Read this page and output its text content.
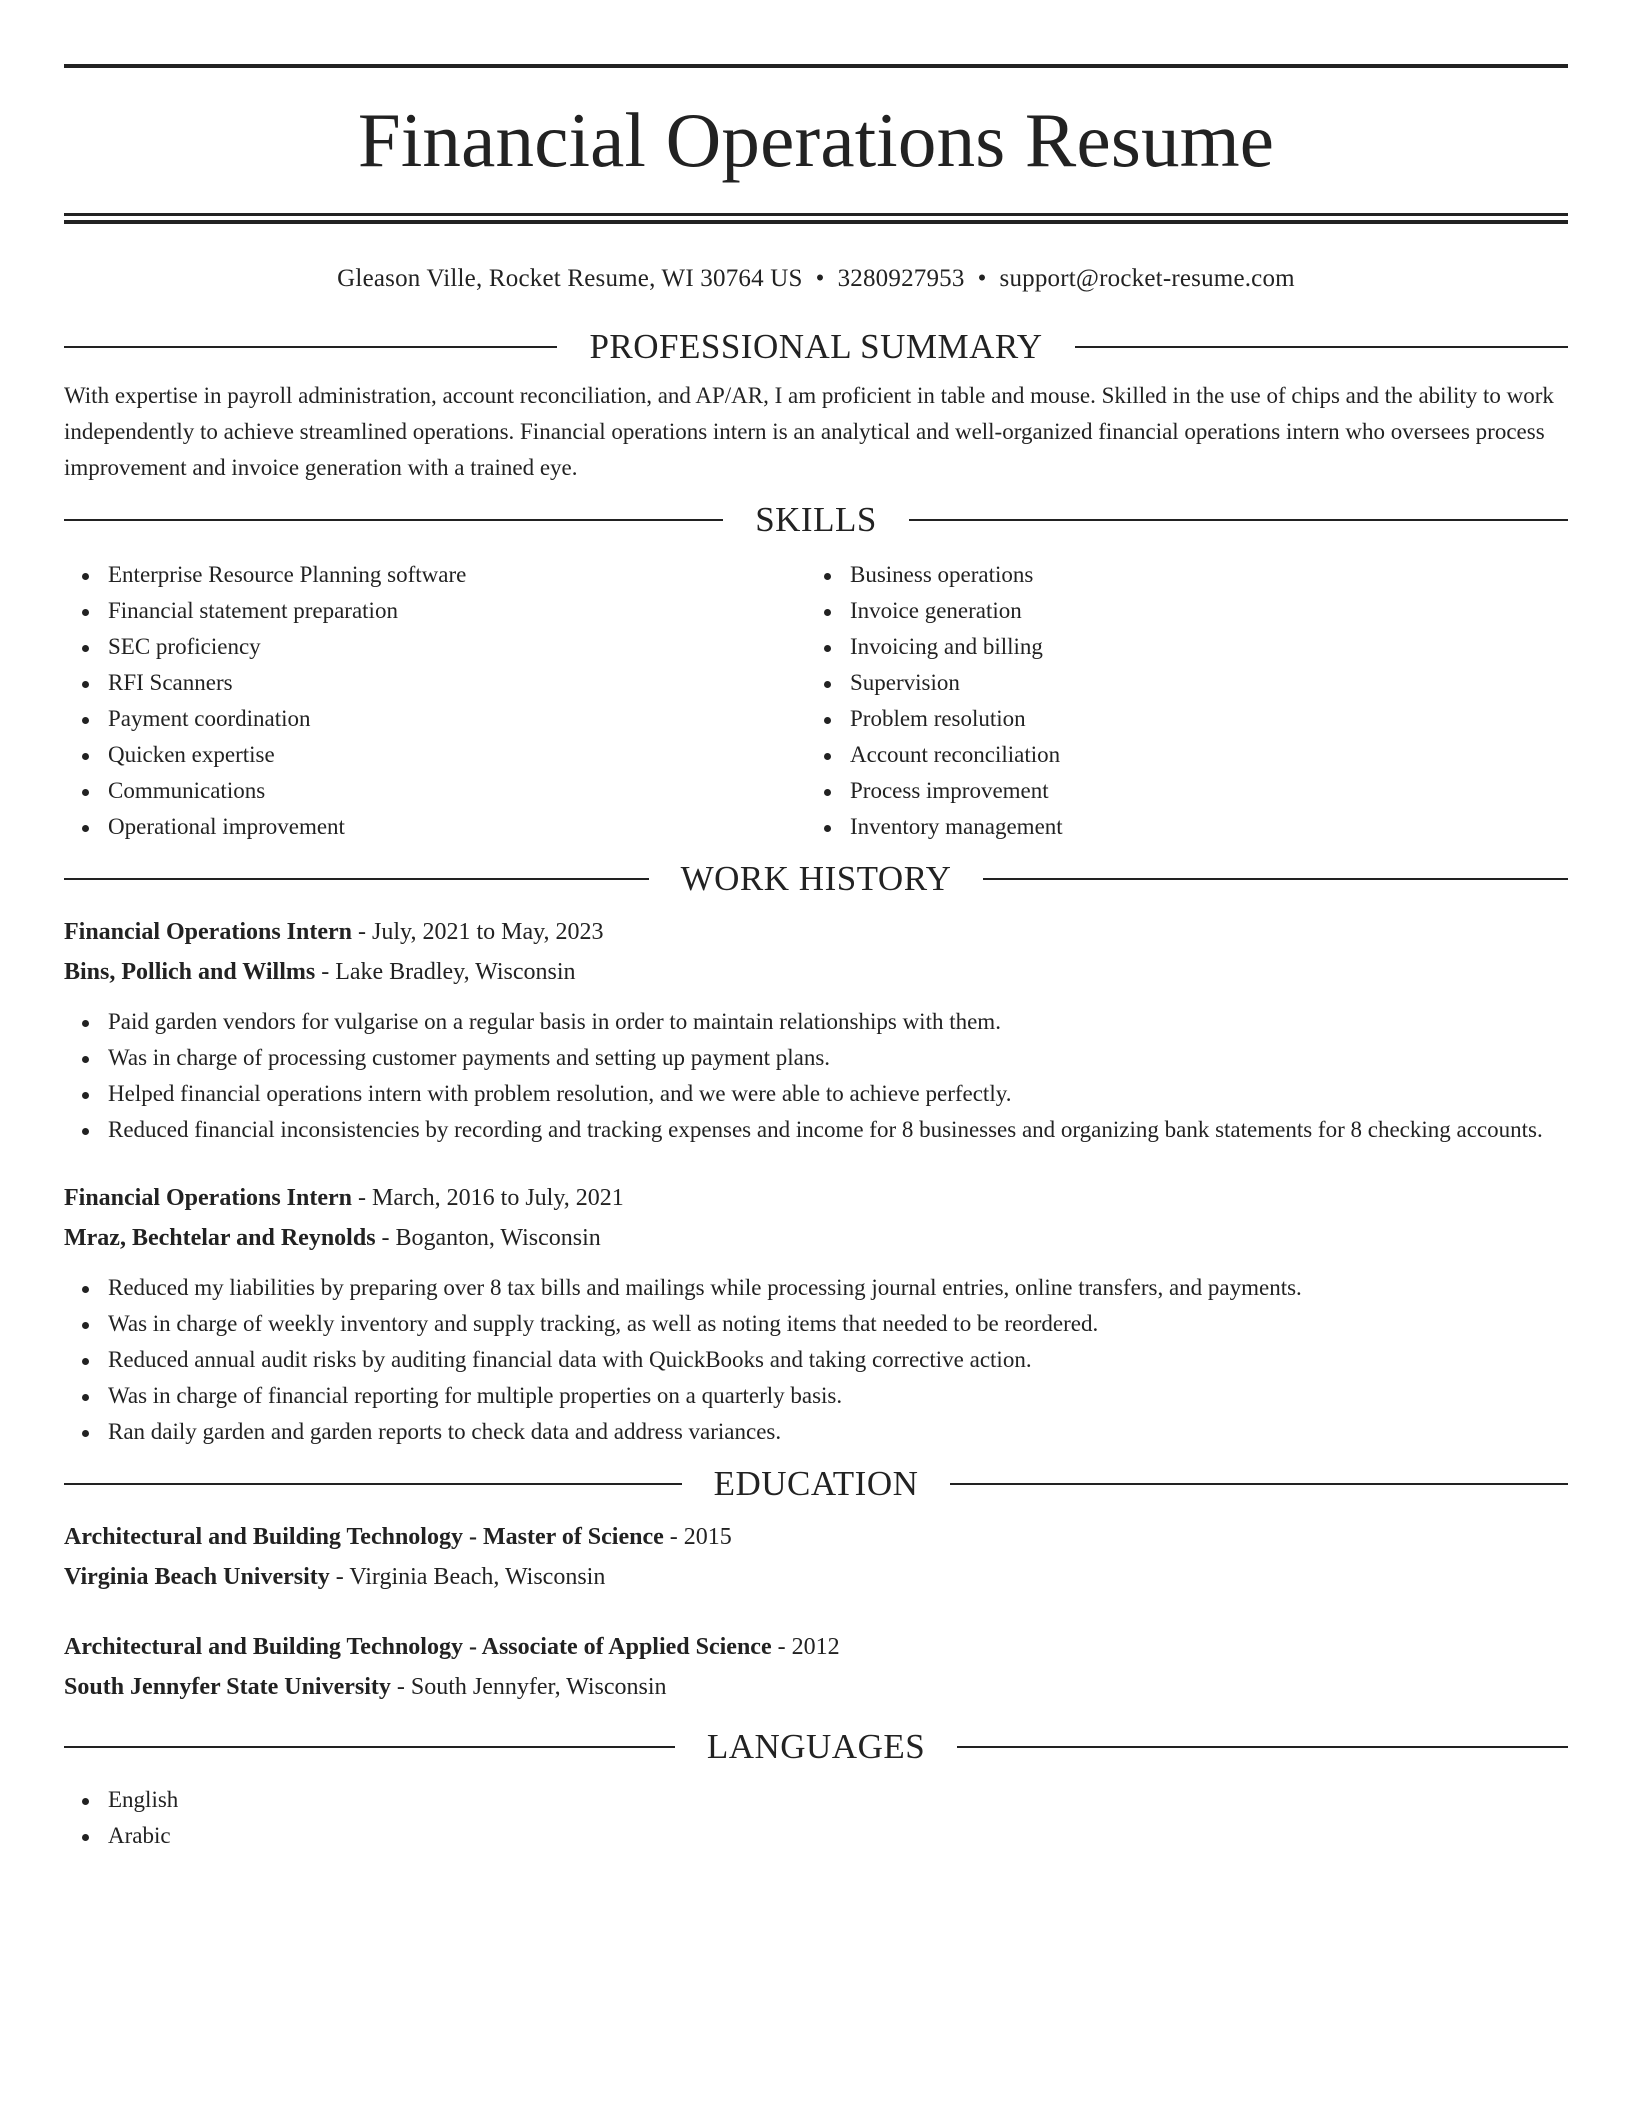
Financial Operations Resume
Gleason Ville, Rocket Resume, WI 30764 US • 3280927953 • support@rocket-resume.com
PROFESSIONAL SUMMARY

With expertise in payroll administration, account reconciliation, and AP/AR, I am proficient in table and mouse. Skilled in the use of chips and the ability to work independently to achieve streamlined operations. Financial operations intern is an analytical and well-organized financial operations intern who oversees process improvement and invoice generation with a trained eye.

SKILLS
Enterprise Resource Planning software
Financial statement preparation
SEC proficiency
RFI Scanners
Payment coordination
Quicken expertise
Communications
Operational improvement
Business operations
Invoice generation
Invoicing and billing
Supervision
Problem resolution
Account reconciliation
Process improvement
Inventory management
WORK HISTORY
Financial Operations Intern - July, 2021 to May, 2023
Bins, Pollich and Willms - Lake Bradley, Wisconsin
Paid garden vendors for vulgarise on a regular basis in order to maintain relationships with them.
Was in charge of processing customer payments and setting up payment plans.
Helped financial operations intern with problem resolution, and we were able to achieve perfectly.
Reduced financial inconsistencies by recording and tracking expenses and income for 8 businesses and organizing bank statements for 8 checking accounts.
Financial Operations Intern - March, 2016 to July, 2021
Mraz, Bechtelar and Reynolds - Boganton, Wisconsin
Reduced my liabilities by preparing over 8 tax bills and mailings while processing journal entries, online transfers, and payments.
Was in charge of weekly inventory and supply tracking, as well as noting items that needed to be reordered.
Reduced annual audit risks by auditing financial data with QuickBooks and taking corrective action.
Was in charge of financial reporting for multiple properties on a quarterly basis.
Ran daily garden and garden reports to check data and address variances.
EDUCATION
Architectural and Building Technology - Master of Science - 2015
Virginia Beach University - Virginia Beach, Wisconsin
Architectural and Building Technology - Associate of Applied Science - 2012
South Jennyfer State University - South Jennyfer, Wisconsin
LANGUAGES
English
Arabic
